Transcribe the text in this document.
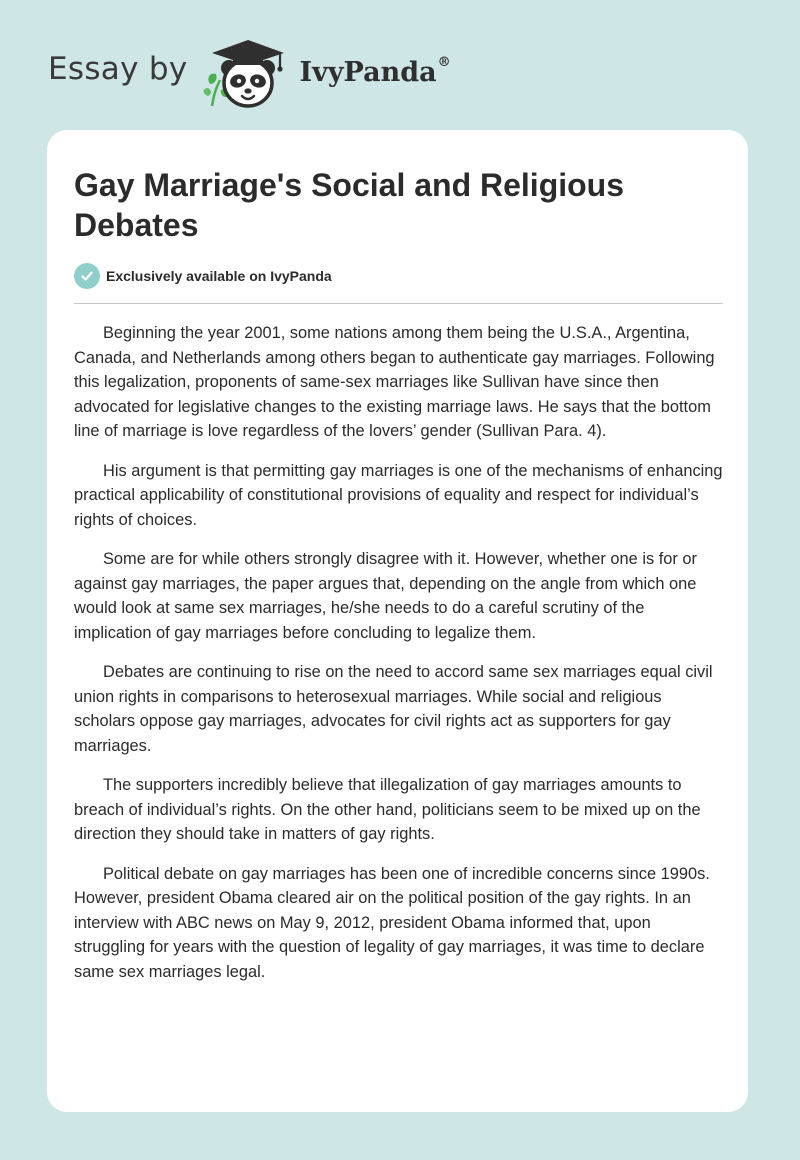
Essay by	IvyPanda®
Gay Marriage's Social and Religious Debates
Exclusively available on IvyPanda

Beginning the year 2001, some nations among them being the U.S.A., Argentina, Canada, and Netherlands among others began to authenticate gay marriages. Following this legalization, proponents of same-sex marriages like Sullivan have since then advocated for legislative changes to the existing marriage laws. He says that the bottom line of marriage is love regardless of the lovers’ gender (Sullivan Para. 4).

His argument is that permitting gay marriages is one of the mechanisms of enhancing practical applicability of constitutional provisions of equality and respect for individual’s rights of choices.

Some are for while others strongly disagree with it. However, whether one is for or against gay marriages, the paper argues that, depending on the angle from which one would look at same sex marriages, he/she needs to do a careful scrutiny of the implication of gay marriages before concluding to legalize them.

Debates are continuing to rise on the need to accord same sex marriages equal civil union rights in comparisons to heterosexual marriages. While social and religious scholars oppose gay marriages, advocates for civil rights act as supporters for gay marriages.

The supporters incredibly believe that illegalization of gay marriages amounts to breach of individual’s rights. On the other hand, politicians seem to be mixed up on the direction they should take in matters of gay rights.

Political debate on gay marriages has been one of incredible concerns since 1990s. However, president Obama cleared air on the political position of the gay rights. In an interview with ABC news on May 9, 2012, president Obama informed that, upon struggling for years with the question of legality of gay marriages, it was time to declare same sex marriages legal.
